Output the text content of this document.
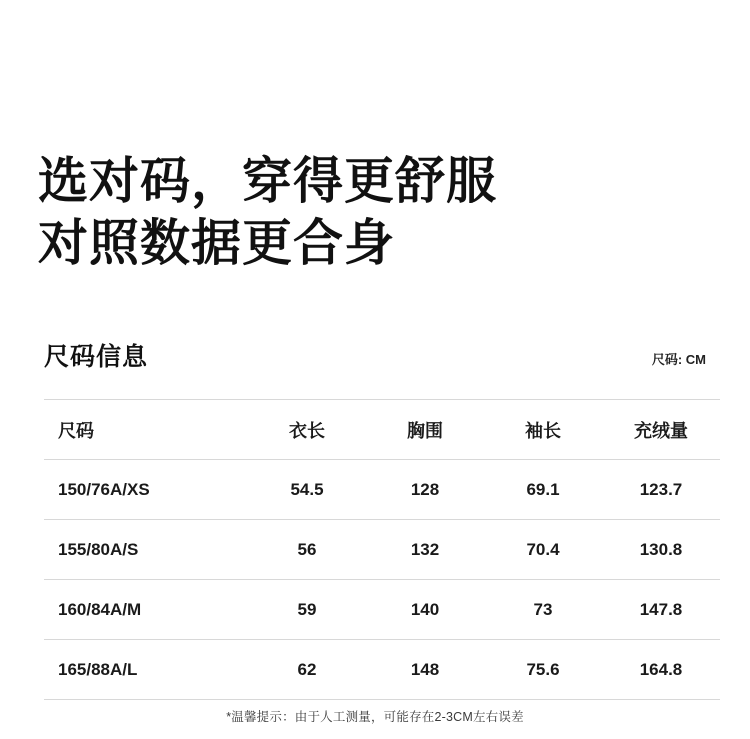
选对码，穿得更舒服
对照数据更合身
尺码信息	尺码: CM
尺码	衣长	胸围	袖长	充绒量
150/76A/XS	54.5	128	69.1	123.7
155/80A/S	56	132	70.4	130.8
160/84A/M	59	140	73	147.8
165/88A/L	62	148	75.6	164.8
*温馨提示：由于人工测量，可能存在2-3CM左右误差
